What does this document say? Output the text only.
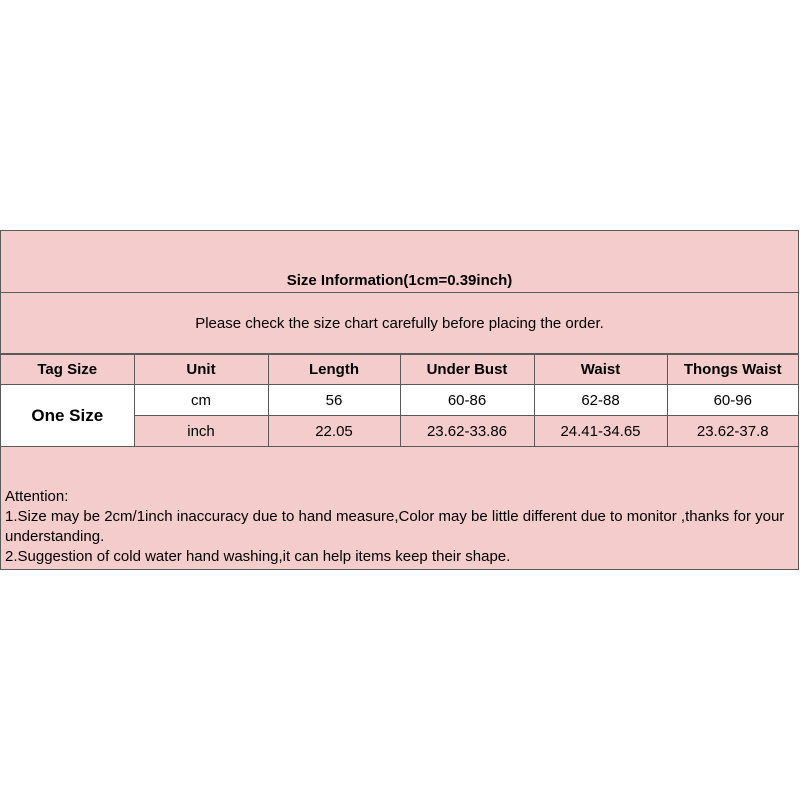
Size Information(1cm=0.39inch)
Please check the size chart carefully before placing the order.
Tag Size	Unit	Length	Under Bust	Waist	Thongs Waist
One Size	cm	56	60-86	62-88	60-96
	inch	22.05	23.62-33.86	24.41-34.65	23.62-37.8
Attention:
1.Size may be 2cm/1inch inaccuracy due to hand measure,Color may be little different due to monitor ,thanks for your understanding.
2.Suggestion of cold water hand washing,it can help items keep their shape.
